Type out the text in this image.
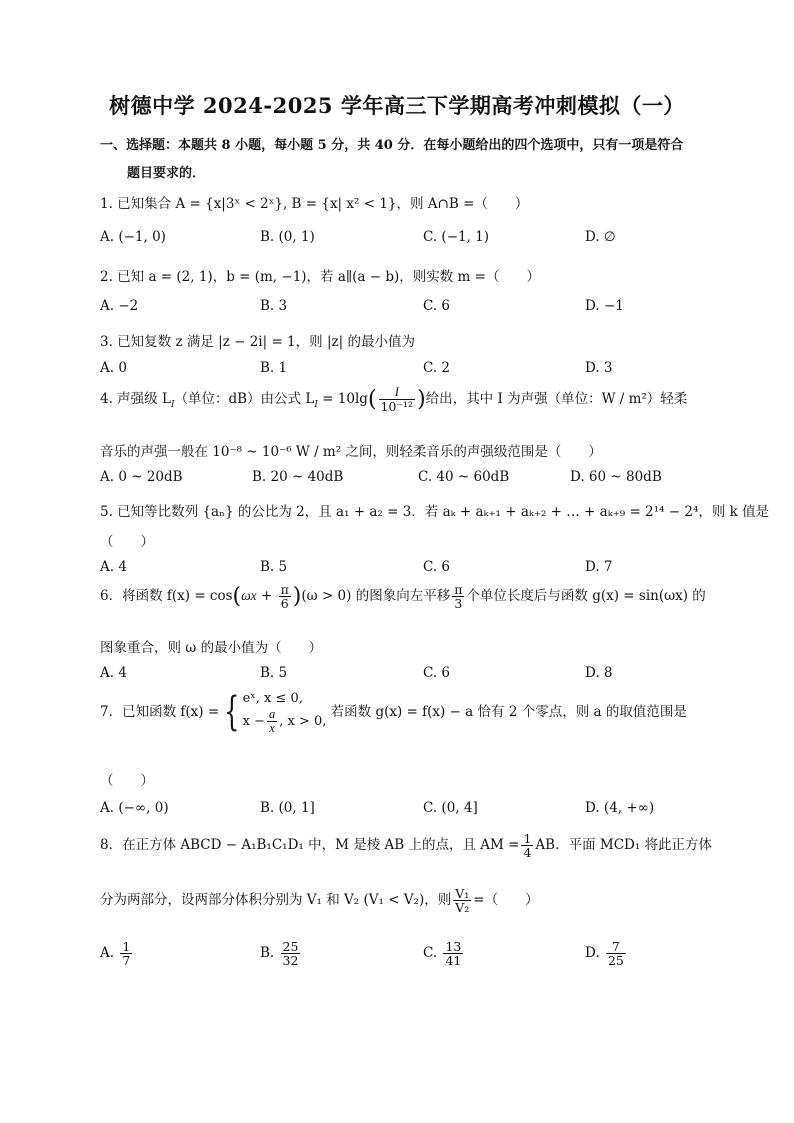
树德中学 2024-2025 学年高三下学期高考冲刺模拟（一）
一、选择题：本题共 8 小题，每小题 5 分，共 40 分．在每小题给出的四个选项中，只有一项是符合
题目要求的．
1. 已知集合 A = {x|3ˣ < 2ˣ}, B = {x| x² < 1}，则 A∩B =（　　）
A. (−1, 0)	B. (0, 1)	C. (−1, 1)	D. ∅
2. 已知 a = (2, 1)，b = (m, −1)，若 a∥(a − b)，则实数 m =（　　）
A. −2	B. 3	C. 6	D. −1
3. 已知复数 z 满足 |z − 2i| = 1，则 |z| 的最小值为
A. 0	B. 1	C. 2	D. 3
4. 声强级 $L_I$（单位：dB）由公式 $L_I = 10\lg( \frac{I}{\text{10⁻¹²}}$ )给出，其中 I 为声强（单位：W / m²）轻柔
音乐的声强一般在 10⁻⁸ ~ 10⁻⁶ W / m² 之间，则轻柔音乐的声强级范围是（　　）
A. 0 ~ 20dB	B. 20 ~ 40dB	C. 40 ~ 60dB	D. 60 ~ 80dB
5. 已知等比数列 {aₙ} 的公比为 2，且 a₁ + a₂ = 3．若 aₖ + aₖ₊₁ + aₖ₊₂ + … + aₖ₊₉ = 2¹⁴ − 2⁴，则 k 值是
（　　）
A. 4	B. 5	C. 6	D. 7
6．将函数 $f(x) = \cos(\omega x + \frac{\pi}{6} )(\omega > 0)$ 的图象向左平移 $\frac{\pi}{3}$ 个单位长度后与函数 g(x) = sin(ωx) 的
图象重合，则 ω 的最小值为（　　）
A. 4	B. 5	C. 6	D. 8
7．已知函数 f(x) = { eˣ, x ≤ 0,
$x - \frac{a}{x}$ , x > 0,
若函数 g(x) = f(x) − a 恰有 2 个零点，则 a 的取值范围是
（　　）
A. (−∞, 0)	B. (0, 1]	C. (0, 4]	D. (4, +∞)
8．在正方体 ABCD − A₁B₁C₁D₁ 中，M 是棱 AB 上的点，且 AM = $\frac{1}{4}$ AB．平面 MCD₁ 将此正方体
分为两部分，设两部分体积分别为 V₁ 和 V₂ (V₁ < V₂)，则 $\frac{\text{V₁}}{\text{V₂}}$ =（　　）
A. $\frac{1}{7}$	B. $\frac{25}{32}$	C. $\frac{13}{41}$	D. $\frac{7}{25}$
